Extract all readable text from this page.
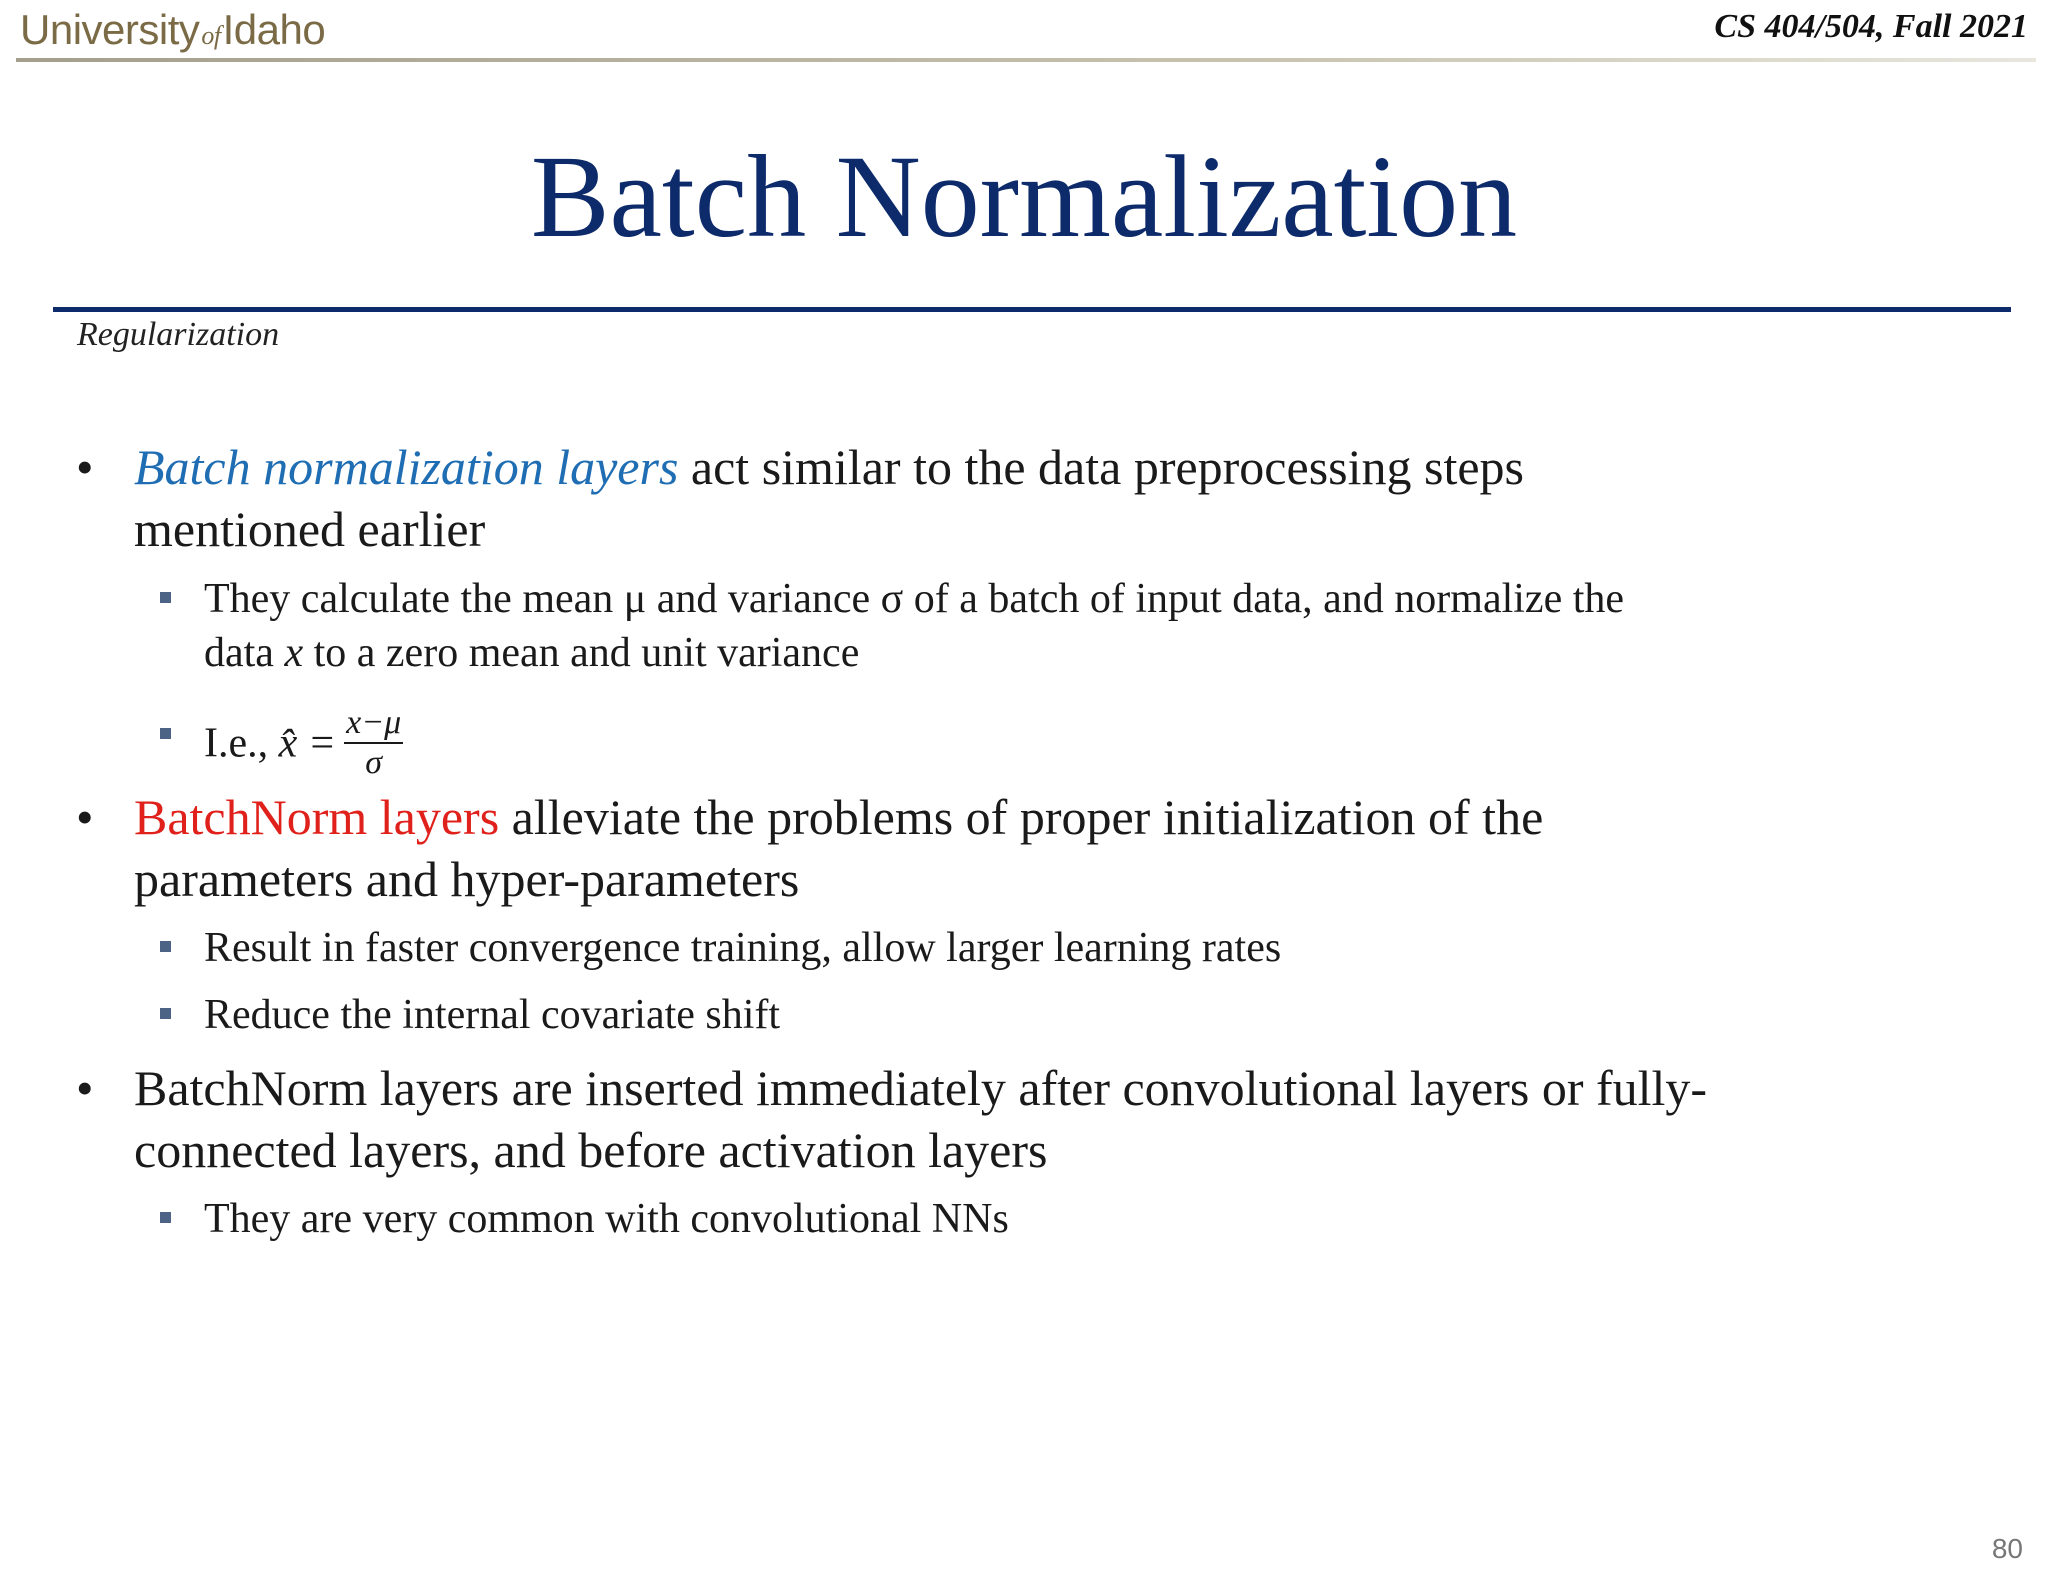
UniversityofIdaho	CS 404/504, Fall 2021
Batch Normalization
Regularization
• Batch normalization layers act similar to the data preprocessing steps
mentioned earlier
They calculate the mean μ and variance σ of a batch of input data, and normalize the
data x to a zero mean and unit variance
I.e., x̂ = $\frac{x-\mu}{\sigma}$
• BatchNorm layers alleviate the problems of proper initialization of the
parameters and hyper-parameters
Result in faster convergence training, allow larger learning rates
Reduce the internal covariate shift
• BatchNorm layers are inserted immediately after convolutional layers or fully-
connected layers, and before activation layers
They are very common with convolutional NNs
80
